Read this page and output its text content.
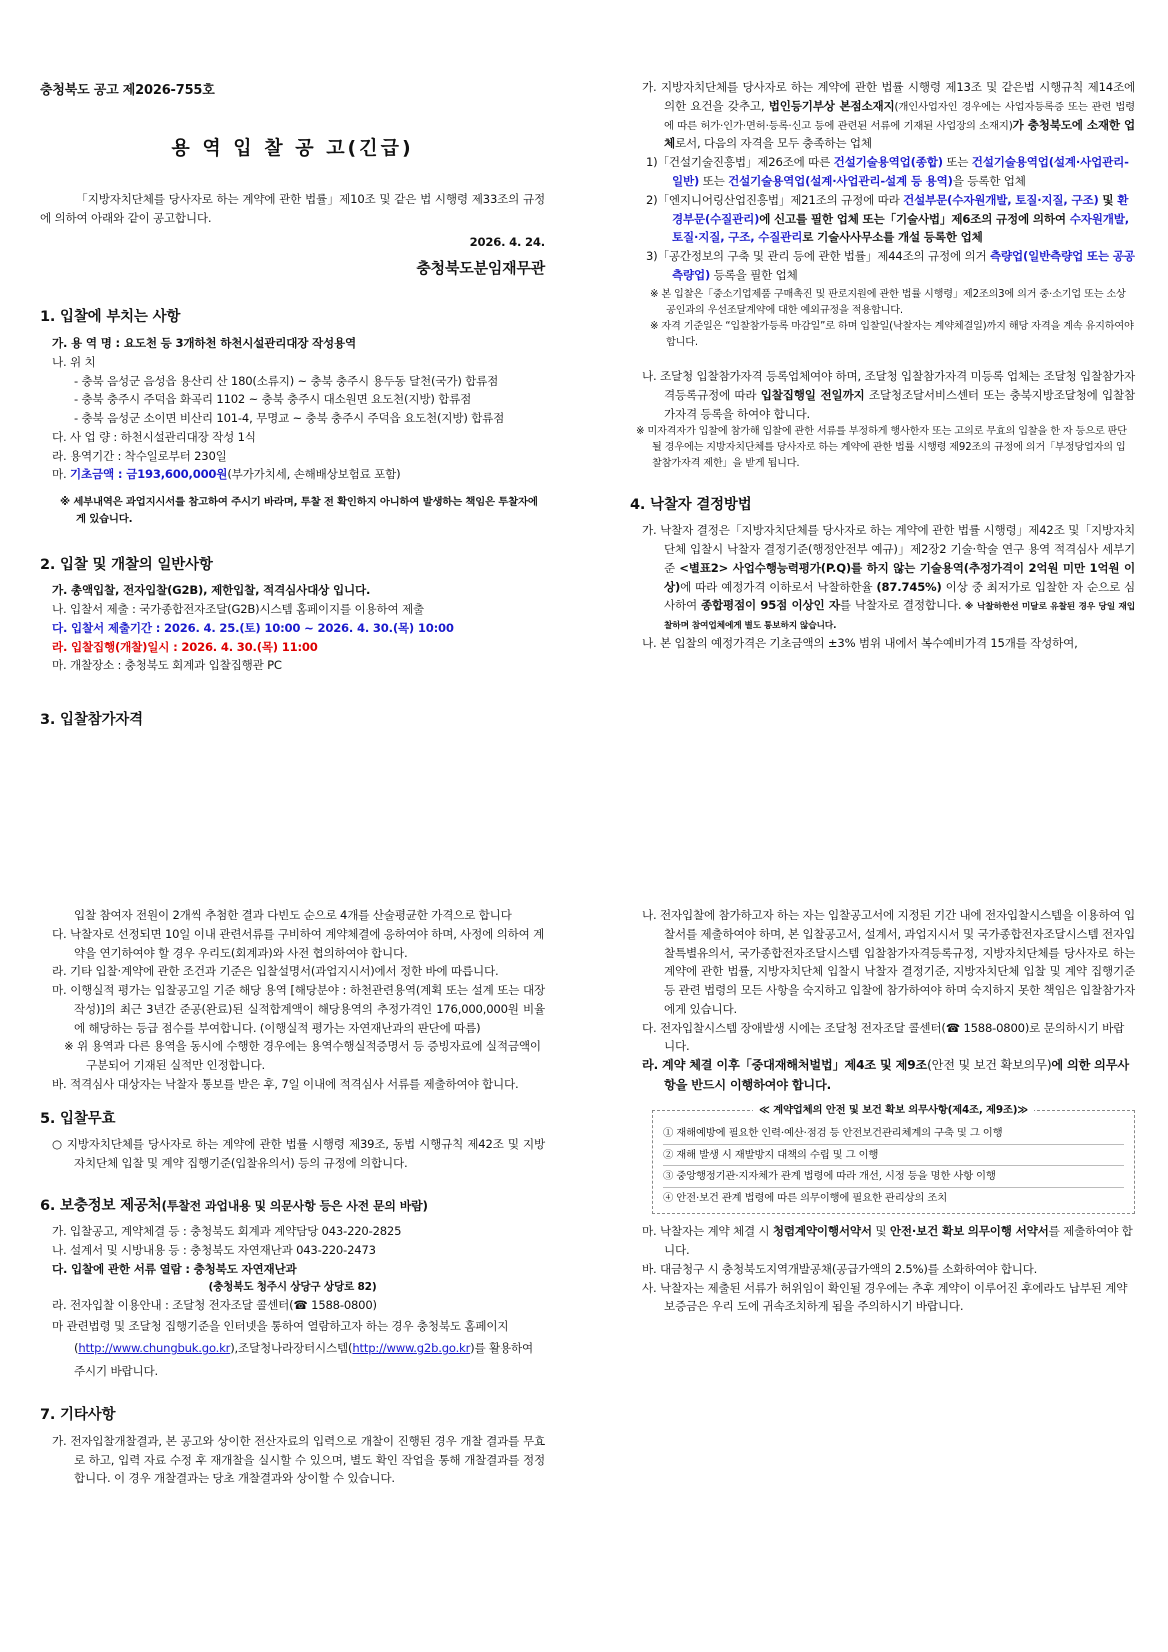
충청북도 공고 제2026-755호
용 역 입 찰 공 고(긴급)
「지방자치단체를 당사자로 하는 계약에 관한 법률」제10조 및 같은 법 시행령 제33조의 규정에 의하여 아래와 같이 공고합니다.
2026. 4. 24.
충청북도분임재무관
1. 입찰에 부치는 사항
가. 용 역 명 : 요도천 등 3개하천 하천시설관리대장 작성용역
나. 위 치
- 충북 음성군 음성읍 용산리 산 180(소류지) ~ 충북 충주시 용두동 달천(국가) 합류점
- 충북 충주시 주덕읍 화곡리 1102 ~ 충북 충주시 대소원면 요도천(지방) 합류점
- 충북 음성군 소이면 비산리 101-4, 무명교 ~ 충북 충주시 주덕읍 요도천(지방) 합류점
다. 사 업 량 : 하천시설관리대장 작성 1식
라. 용역기간 : 착수일로부터 230일
마. 기초금액 : 금193,600,000원(부가가치세, 손해배상보험료 포함)
※ 세부내역은 과업지시서를 참고하여 주시기 바라며, 투찰 전 확인하지 아니하여 발생하는 책임은 투찰자에게 있습니다.
2. 입찰 및 개찰의 일반사항
가. 총액입찰, 전자입찰(G2B), 제한입찰, 적격심사대상 입니다.
나. 입찰서 제출 : 국가종합전자조달(G2B)시스템 홈페이지를 이용하여 제출
다. 입찰서 제출기간 : 2026. 4. 25.(토) 10:00 ~ 2026. 4. 30.(목) 10:00
라. 입찰집행(개찰)일시 : 2026. 4. 30.(목) 11:00
마. 개찰장소 : 충청북도 회계과 입찰집행관 PC
3. 입찰참가자격
가. 지방자치단체를 당사자로 하는 계약에 관한 법률 시행령 제13조 및 같은법 시행규칙 제14조에 의한 요건을 갖추고, 법인등기부상 본점소재지(개인사업자인 경우에는 사업자등록증 또는 관련 법령에 따른 허가·인가·면허·등록·신고 등에 관련된 서류에 기재된 사업장의 소재지)가 충청북도에 소재한 업체로서, 다음의 자격을 모두 충족하는 업체
1)「건설기술진흥법」제26조에 따른 건설기술용역업(종합) 또는 건설기술용역업(설계·사업관리-일반) 또는 건설기술용역업(설계·사업관리-설계 등 용역)을 등록한 업체
2)「엔지니어링산업진흥법」제21조의 규정에 따라 건설부문(수자원개발, 토질·지질, 구조) 및 환경부문(수질관리)에 신고를 필한 업체 또는「기술사법」제6조의 규정에 의하여 수자원개발, 토질·지질, 구조, 수질관리로 기술사사무소를 개설 등록한 업체
3)「공간정보의 구축 및 관리 등에 관한 법률」제44조의 규정에 의거 측량업(일반측량업 또는 공공측량업) 등록을 필한 업체
※ 본 입찰은「중소기업제품 구매촉진 및 판로지원에 관한 법률 시행령」제2조의3에 의거 중·소기업 또는 소상공인과의 우선조달계약에 대한 예외규정을 적용합니다.
※ 자격 기준일은 “입찰참가등록 마감일”로 하며 입찰일(낙찰자는 계약체결일)까지 해당 자격을 계속 유지하여야 합니다.
나. 조달청 입찰참가자격 등록업체여야 하며, 조달청 입찰참가자격 미등록 업체는 조달청 입찰참가자격등록규정에 따라 입찰집행일 전일까지 조달청조달서비스센터 또는 충북지방조달청에 입찰참가자격 등록을 하여야 합니다.
※ 미자격자가 입찰에 참가해 입찰에 관한 서류를 부정하게 행사한자 또는 고의로 무효의 입찰을 한 자 등으로 판단될 경우에는 지방자치단체를 당사자로 하는 계약에 관한 법률 시행령 제92조의 규정에 의거「부정당업자의 입찰참가자격 제한」을 받게 됩니다.
4. 낙찰자 결정방법
가. 낙찰자 결정은「지방자치단체를 당사자로 하는 계약에 관한 법률 시행령」제42조 및「지방자치단체 입찰시 낙찰자 결정기준(행정안전부 예규)」제2장2 기술·학술 연구 용역 적격심사 세부기준 <별표2> 사업수행능력평가(P.Q)를 하지 않는 기술용역(추정가격이 2억원 미만 1억원 이상)에 따라 예정가격 이하로서 낙찰하한율 (87.745%) 이상 중 최저가로 입찰한 자 순으로 심사하여 종합평점이 95점 이상인 자를 낙찰자로 결정합니다. ※ 낙찰하한선 미달로 유찰된 경우 당일 재입찰하며 참여업체에게 별도 통보하지 않습니다.
나. 본 입찰의 예정가격은 기초금액의 ±3% 범위 내에서 복수예비가격 15개를 작성하여,
입찰 참여자 전원이 2개씩 추첨한 결과 다빈도 순으로 4개를 산술평균한 가격으로 합니다
다. 낙찰자로 선정되면 10일 이내 관련서류를 구비하여 계약체결에 응하여야 하며, 사정에 의하여 계약을 연기하여야 할 경우 우리도(회계과)와 사전 협의하여야 합니다.
라. 기타 입찰·계약에 관한 조건과 기준은 입찰설명서(과업지시서)에서 정한 바에 따릅니다.
마. 이행실적 평가는 입찰공고일 기준 해당 용역 [해당분야 : 하천관련용역(계획 또는 설계 또는 대장작성)]의 최근 3년간 준공(완료)된 실적합계액이 해당용역의 추정가격인 176,000,000원 비율에 해당하는 등급 점수를 부여합니다. (이행실적 평가는 자연재난과의 판단에 따름)
※ 위 용역과 다른 용역을 동시에 수행한 경우에는 용역수행실적증명서 등 증빙자료에 실적금액이 구분되어 기재된 실적만 인정합니다.
바. 적격심사 대상자는 낙찰자 통보를 받은 후, 7일 이내에 적격심사 서류를 제출하여야 합니다.
5. 입찰무효
○ 지방자치단체를 당사자로 하는 계약에 관한 법률 시행령 제39조, 동법 시행규칙 제42조 및 지방자치단체 입찰 및 계약 집행기준(입찰유의서) 등의 규정에 의합니다.
6. 보충정보 제공처(투찰전 과업내용 및 의문사항 등은 사전 문의 바람)
가. 입찰공고, 계약체결 등 : 충청북도 회계과 계약담당 043-220-2825
나. 설계서 및 시방내용 등 : 충청북도 자연재난과 043-220-2473
다. 입찰에 관한 서류 열람 : 충청북도 자연재난과
(충청북도 청주시 상당구 상당로 82)
라. 전자입찰 이용안내 : 조달청 전자조달 콜센터(☎ 1588-0800)
마 관련법령 및 조달청 집행기준을 인터넷을 통하여 열람하고자 하는 경우 충청북도 홈페이지(http://www.chungbuk.go.kr),조달청나라장터시스템(http://www.g2b.go.kr)를 활용하여 주시기 바랍니다.
7. 기타사항
가. 전자입찰개찰결과, 본 공고와 상이한 전산자료의 입력으로 개찰이 진행된 경우 개찰 결과를 무효로 하고, 입력 자료 수정 후 재개찰을 실시할 수 있으며, 별도 확인 작업을 통해 개찰결과를 정정합니다. 이 경우 개찰결과는 당초 개찰결과와 상이할 수 있습니다.
나. 전자입찰에 참가하고자 하는 자는 입찰공고서에 지정된 기간 내에 전자입찰시스템을 이용하여 입찰서를 제출하여야 하며, 본 입찰공고서, 설계서, 과업지시서 및 국가종합전자조달시스템 전자입찰특별유의서, 국가종합전자조달시스템 입찰참가자격등록규정, 지방자치단체를 당사자로 하는 계약에 관한 법률, 지방자치단체 입찰시 낙찰자 결정기준, 지방자치단체 입찰 및 계약 집행기준 등 관련 법령의 모든 사항을 숙지하고 입찰에 참가하여야 하며 숙지하지 못한 책임은 입찰참가자에게 있습니다.
다. 전자입찰시스템 장애발생 시에는 조달청 전자조달 콜센터(☎ 1588-0800)로 문의하시기 바랍니다.
라. 계약 체결 이후「중대재해처벌법」제4조 및 제9조(안전 및 보건 확보의무)에 의한 의무사항을 반드시 이행하여야 합니다.
≪ 계약업체의 안전 및 보건 확보 의무사항(제4조, 제9조)≫
① 재해예방에 필요한 인력·예산·점검 등 안전보건관리체계의 구축 및 그 이행
② 재해 발생 시 재발방지 대책의 수립 및 그 이행
③ 중앙행정기관·지자체가 관계 법령에 따라 개선, 시정 등을 명한 사항 이행
④ 안전·보건 관계 법령에 따른 의무이행에 필요한 관리상의 조치
마. 낙찰자는 계약 체결 시 청렴계약이행서약서 및 안전·보건 확보 의무이행 서약서를 제출하여야 합니다.
바. 대금청구 시 충청북도지역개발공채(공급가액의 2.5%)를 소화하여야 합니다.
사. 낙찰자는 제출된 서류가 허위임이 확인될 경우에는 추후 계약이 이루어진 후에라도 납부된 계약보증금은 우리 도에 귀속조치하게 됨을 주의하시기 바랍니다.
